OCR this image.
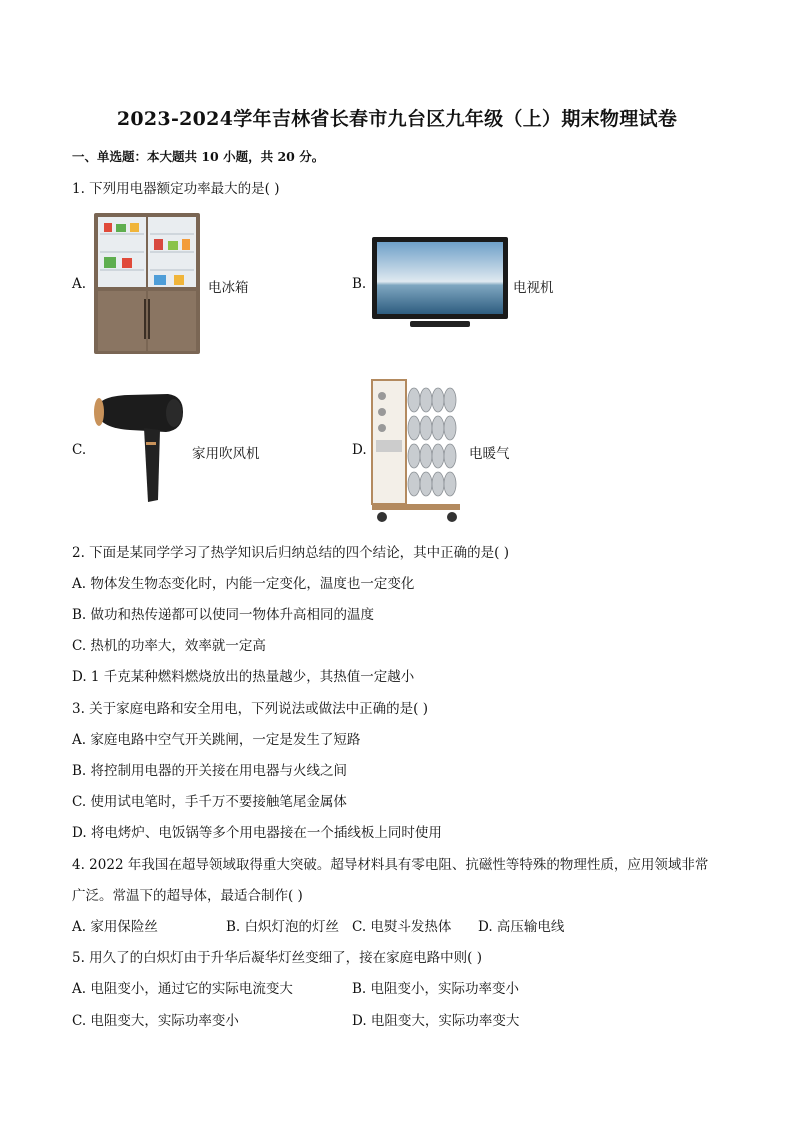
2023-2024学年吉林省长春市九台区九年级（上）期末物理试卷
一、单选题：本大题共 10 小题，共 20 分。
1. 下列用电器额定功率最大的是( )
A.	电冰箱	B.	电视机
C.	家用吹风机	D.	电暖气
2. 下面是某同学学习了热学知识后归纳总结的四个结论，其中正确的是( )
A. 物体发生物态变化时，内能一定变化，温度也一定变化
B. 做功和热传递都可以使同一物体升高相同的温度
C. 热机的功率大，效率就一定高
D. 1 千克某种燃料燃烧放出的热量越少，其热值一定越小
3. 关于家庭电路和安全用电，下列说法或做法中正确的是( )
A. 家庭电路中空气开关跳闸，一定是发生了短路
B. 将控制用电器的开关接在用电器与火线之间
C. 使用试电笔时，手千万不要接触笔尾金属体
D. 将电烤炉、电饭锅等多个用电器接在一个插线板上同时使用
4. 2022 年我国在超导领域取得重大突破。超导材料具有零电阻、抗磁性等特殊的物理性质，应用领域非常
广泛。常温下的超导体，最适合制作( )
A. 家用保险丝	B. 白炽灯泡的灯丝 C. 电熨斗发热体 D. 高压输电线
5. 用久了的白炽灯由于升华后凝华灯丝变细了，接在家庭电路中则( )
A. 电阻变小，通过它的实际电流变大	B. 电阻变小，实际功率变小
C. 电阻变大，实际功率变小	D. 电阻变大，实际功率变大
